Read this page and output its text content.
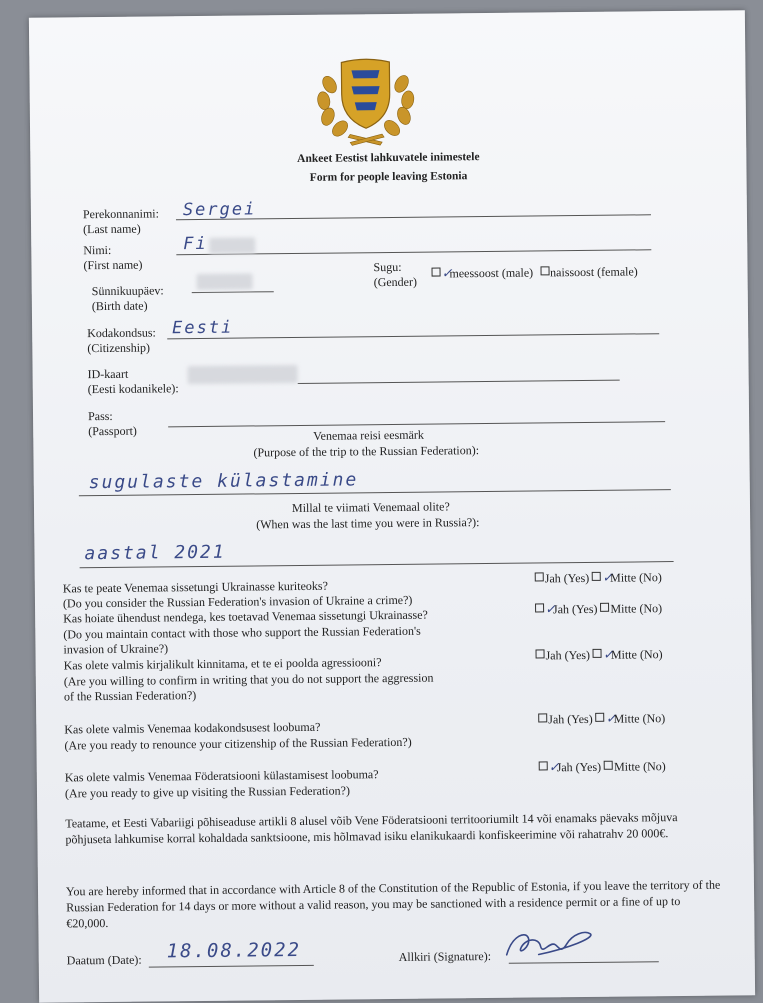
Ankeet Eestist lahkuvatele inimestele
Form for people leaving Estonia
Perekonnanimi:
(Last name)
Sergei
Nimi:
(First name)
Fi
Sugu:
(Gender)
✓meessoost (male) naissoost (female)
Sünnikuupäev:
(Birth date)
Kodakondsus:
(Citizenship)
Eesti
ID-kaart
(Eesti kodanikele):
Pass:
(Passport)	Venemaa reisi eesmärk
(Purpose of the trip to the Russian Federation):
sugulaste külastamine
Millal te viimati Venemaal olite?
(When was the last time you were in Russia?):
aastal 2021
Kas te peate Venemaa sissetungi Ukrainasse kuriteoks?
(Do you consider the Russian Federation's invasion of Ukraine a crime?)
Jah (Yes) ✓Mitte (No)
Kas hoiate ühendust nendega, kes toetavad Venemaa sissetungi Ukrainasse?
(Do you maintain contact with those who support the Russian Federation's
invasion of Ukraine?)
✓Jah (Yes) Mitte (No)
Kas olete valmis kirjalikult kinnitama, et te ei poolda agressiooni?
(Are you willing to confirm in writing that you do not support the aggression
of the Russian Federation?)
Jah (Yes) ✓Mitte (No)
Kas olete valmis Venemaa kodakondsusest loobuma?
(Are you ready to renounce your citizenship of the Russian Federation?)
Jah (Yes) ✓Mitte (No)
Kas olete valmis Venemaa Föderatsiooni külastamisest loobuma?
(Are you ready to give up visiting the Russian Federation?)
✓Jah (Yes) Mitte (No)
Teatame, et Eesti Vabariigi põhiseaduse artikli 8 alusel võib Vene Föderatsiooni territooriumilt 14 või enamaks päevaks mõjuva põhjuseta lahkumise korral kohaldada sanktsioone, mis hõlmavad isiku elanikukaardi konfiskeerimine või rahatrahv 20 000€.
You are hereby informed that in accordance with Article 8 of the Constitution of the Republic of Estonia, if you leave the territory of the Russian Federation for 14 days or more without a valid reason, you may be sanctioned with a residence permit or a fine of up to €20,000.
Daatum (Date): 18.08.2022	Allkiri (Signature):
